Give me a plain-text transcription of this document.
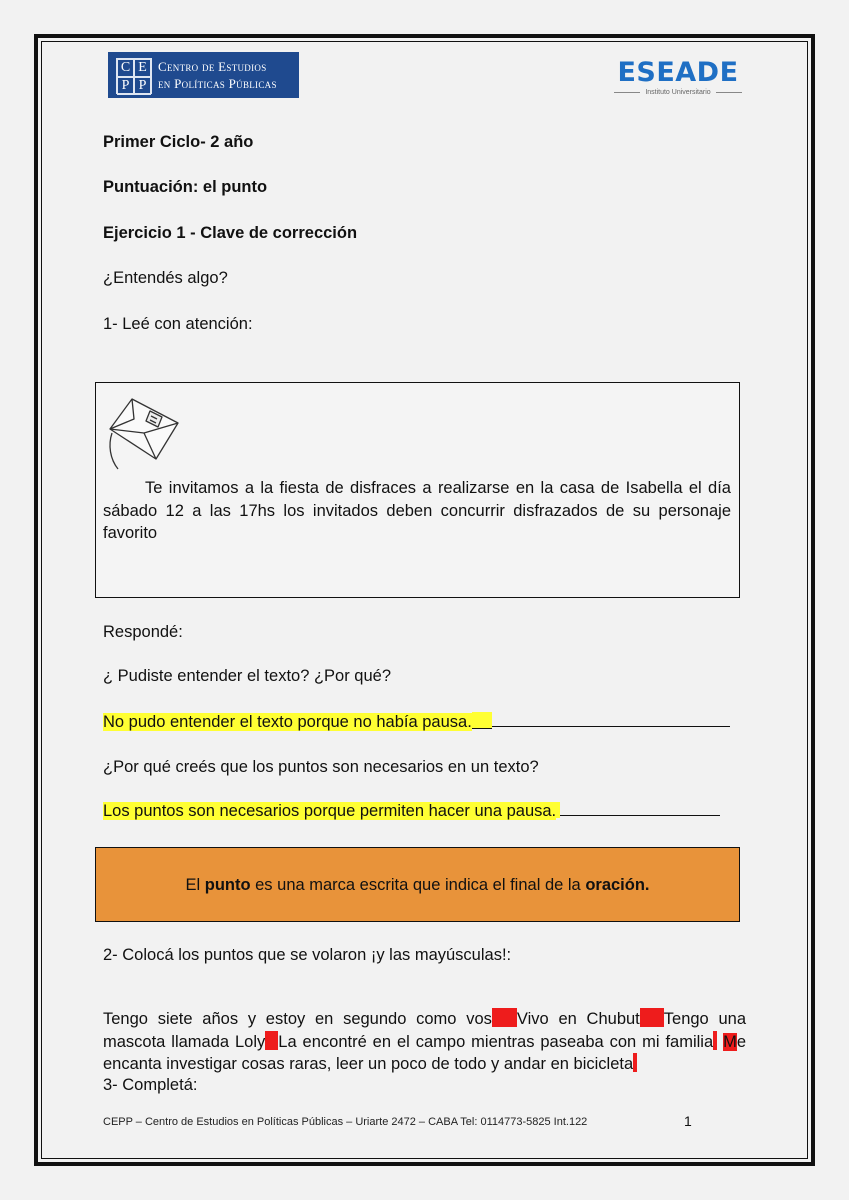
C E
P P
Centro de Estudios
en Políticas Públicas	ESEADE
Instituto Universitario
Primer Ciclo- 2 año
Puntuación: el punto
Ejercicio 1 - Clave de corrección
¿Entendés algo?
1- Leé con atención:
Te invitamos a la fiesta de disfraces a realizarse en la casa de Isabella el día sábado 12 a las 17hs los invitados deben concurrir disfrazados de su personaje favorito
Respondé:
¿ Pudiste entender el texto? ¿Por qué?
No pudo entender el texto porque no había pausa.
¿Por qué creés que los puntos son necesarios en un texto?
Los puntos son necesarios porque permiten hacer una pausa.
El punto es una marca escrita que indica el final de la oración.
2- Colocá los puntos que se volaron ¡y las mayúsculas!:
Tengo siete años y estoy en segundo como vos Vivo en Chubut Tengo una mascota llamada Loly La encontré en el campo mientras paseaba con mi familia Me encanta investigar cosas raras, leer un poco de todo y andar en bicicleta
3- Completá:
CEPP – Centro de Estudios en Políticas Públicas – Uriarte 2472 – CABA Tel: 0114773-5825 Int.122	1
